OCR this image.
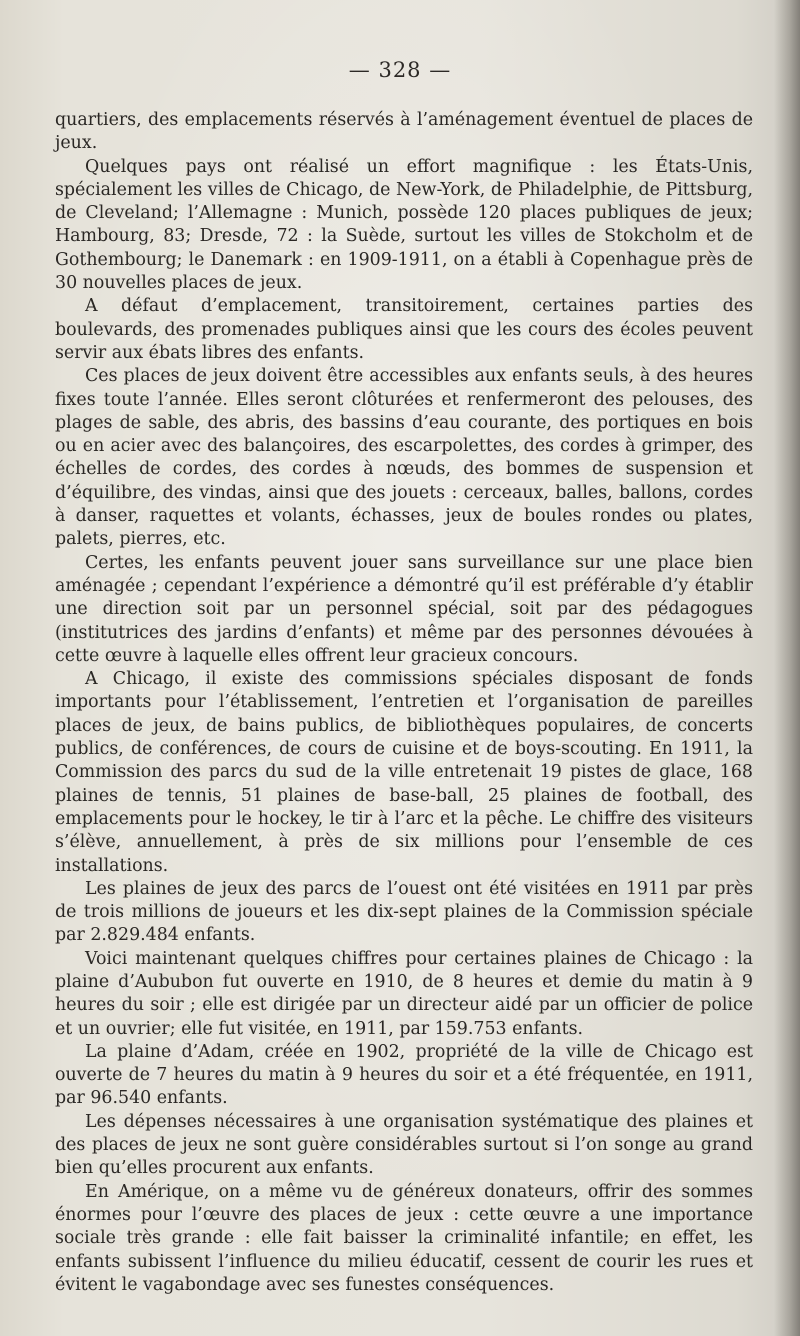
— 328 —

quartiers, des emplacements réservés à l’aménagement éventuel de places de jeux.

Quelques pays ont réalisé un effort magnifique : les États-Unis, spécialement les villes de Chicago, de New-York, de Philadelphie, de Pittsburg, de Cleveland; l’Allemagne : Munich, possède 120 places publiques de jeux; Hambourg, 83; Dresde, 72 : la Suède, surtout les villes de Stokcholm et de Gothembourg; le Danemark : en 1909-1911, on a établi à Copenhague près de 30 nouvelles places de jeux.

A défaut d’emplacement, transitoirement, certaines parties des boulevards, des promenades publiques ainsi que les cours des écoles peuvent servir aux ébats libres des enfants.

Ces places de jeux doivent être accessibles aux enfants seuls, à des heures fixes toute l’année. Elles seront clôturées et renfermeront des pelouses, des plages de sable, des abris, des bassins d’eau courante, des portiques en bois ou en acier avec des balançoires, des escarpolettes, des cordes à grimper, des échelles de cordes, des cordes à nœuds, des bommes de suspension et d’équilibre, des vindas, ainsi que des jouets : cerceaux, balles, ballons, cordes à danser, raquettes et volants, échasses, jeux de boules rondes ou plates, palets, pierres, etc.

Certes, les enfants peuvent jouer sans surveillance sur une place bien aménagée ; cependant l’expérience a démontré qu’il est préférable d’y établir une direction soit par un personnel spécial, soit par des pédagogues (institutrices des jardins d’enfants) et même par des personnes dévouées à cette œuvre à laquelle elles offrent leur gracieux concours.

A Chicago, il existe des commissions spéciales disposant de fonds importants pour l’établissement, l’entretien et l’organisation de pareilles places de jeux, de bains publics, de bibliothèques populaires, de concerts publics, de conférences, de cours de cuisine et de boys-scouting. En 1911, la Commission des parcs du sud de la ville entretenait 19 pistes de glace, 168 plaines de tennis, 51 plaines de base-ball, 25 plaines de football, des emplacements pour le hockey, le tir à l’arc et la pêche. Le chiffre des visiteurs s’élève, annuellement, à près de six millions pour l’ensemble de ces installations.

Les plaines de jeux des parcs de l’ouest ont été visitées en 1911 par près de trois millions de joueurs et les dix-sept plaines de la Commission spéciale par 2.829.484 enfants.

Voici maintenant quelques chiffres pour certaines plaines de Chicago : la plaine d’Aububon fut ouverte en 1910, de 8 heures et demie du matin à 9 heures du soir ; elle est dirigée par un directeur aidé par un officier de police et un ouvrier; elle fut visitée, en 1911, par 159.753 enfants.

La plaine d’Adam, créée en 1902, propriété de la ville de Chicago est ouverte de 7 heures du matin à 9 heures du soir et a été fréquentée, en 1911, par 96.540 enfants.

Les dépenses nécessaires à une organisation systématique des plaines et des places de jeux ne sont guère considérables surtout si l’on songe au grand bien qu’elles procurent aux enfants.

En Amérique, on a même vu de généreux donateurs, offrir des sommes énormes pour l’œuvre des places de jeux : cette œuvre a une importance sociale très grande : elle fait baisser la criminalité infantile; en effet, les enfants subissent l’influence du milieu éducatif, cessent de courir les rues et évitent le vagabondage avec ses funestes conséquences.
